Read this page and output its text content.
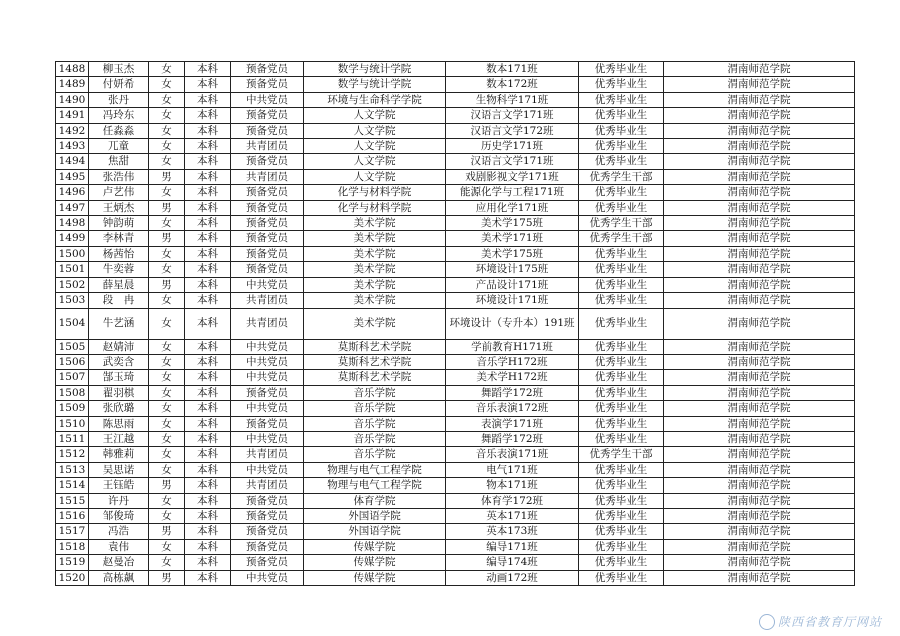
1488	柳玉杰	女	本科	预备党员	数学与统计学院	数本171班	优秀毕业生	渭南师范学院
1489	付妍希	女	本科	预备党员	数学与统计学院	数本172班	优秀毕业生	渭南师范学院
1490	张丹	女	本科	中共党员	环境与生命科学学院	生物科学171班	优秀毕业生	渭南师范学院
1491	冯玲东	女	本科	预备党员	人文学院	汉语言文学171班	优秀毕业生	渭南师范学院
1492	任淼淼	女	本科	预备党员	人文学院	汉语言文学172班	优秀毕业生	渭南师范学院
1493	兀童	女	本科	共青团员	人文学院	历史学171班	优秀毕业生	渭南师范学院
1494	焦甜	女	本科	预备党员	人文学院	汉语言文学171班	优秀毕业生	渭南师范学院
1495	张浩伟	男	本科	共青团员	人文学院	戏剧影视文学171班	优秀学生干部	渭南师范学院
1496	卢艺伟	女	本科	预备党员	化学与材料学院	能源化学与工程171班	优秀毕业生	渭南师范学院
1497	王炳杰	男	本科	预备党员	化学与材料学院	应用化学171班	优秀毕业生	渭南师范学院
1498	钟韵萌	女	本科	预备党员	美术学院	美术学175班	优秀学生干部	渭南师范学院
1499	李林青	男	本科	预备党员	美术学院	美术学171班	优秀学生干部	渭南师范学院
1500	杨茜怡	女	本科	预备党员	美术学院	美术学175班	优秀毕业生	渭南师范学院
1501	牛奕蓉	女	本科	预备党员	美术学院	环境设计175班	优秀毕业生	渭南师范学院
1502	薛星晨	男	本科	中共党员	美术学院	产品设计171班	优秀毕业生	渭南师范学院
1503	段　冉	女	本科	共青团员	美术学院	环境设计171班	优秀毕业生	渭南师范学院
1504	牛艺涵	女	本科	共青团员	美术学院	环境设计（专升本）191班	优秀毕业生	渭南师范学院
1505	赵婧沛	女	本科	中共党员	莫斯科艺术学院	学前教育H171班	优秀毕业生	渭南师范学院
1506	武奕含	女	本科	中共党员	莫斯科艺术学院	音乐学H172班	优秀毕业生	渭南师范学院
1507	郜玉琦	女	本科	中共党员	莫斯科艺术学院	美术学H172班	优秀毕业生	渭南师范学院
1508	翟羽棋	女	本科	预备党员	音乐学院	舞蹈学172班	优秀毕业生	渭南师范学院
1509	张欣璐	女	本科	中共党员	音乐学院	音乐表演172班	优秀毕业生	渭南师范学院
1510	陈思雨	女	本科	预备党员	音乐学院	表演学171班	优秀毕业生	渭南师范学院
1511	王江越	女	本科	中共党员	音乐学院	舞蹈学172班	优秀毕业生	渭南师范学院
1512	韩雅莉	女	本科	共青团员	音乐学院	音乐表演171班	优秀学生干部	渭南师范学院
1513	吴思诺	女	本科	中共党员	物理与电气工程学院	电气171班	优秀毕业生	渭南师范学院
1514	王钰皓	男	本科	共青团员	物理与电气工程学院	物本171班	优秀毕业生	渭南师范学院
1515	许丹	女	本科	预备党员	体育学院	体育学172班	优秀毕业生	渭南师范学院
1516	邹俊琦	女	本科	预备党员	外国语学院	英本171班	优秀毕业生	渭南师范学院
1517	冯浩	男	本科	预备党员	外国语学院	英本173班	优秀毕业生	渭南师范学院
1518	袁伟	女	本科	预备党员	传媒学院	编导171班	优秀毕业生	渭南师范学院
1519	赵曼冶	女	本科	预备党员	传媒学院	编导174班	优秀毕业生	渭南师范学院
1520	高栋飙	男	本科	中共党员	传媒学院	动画172班	优秀毕业生	渭南师范学院
陕西省教育厅网站
